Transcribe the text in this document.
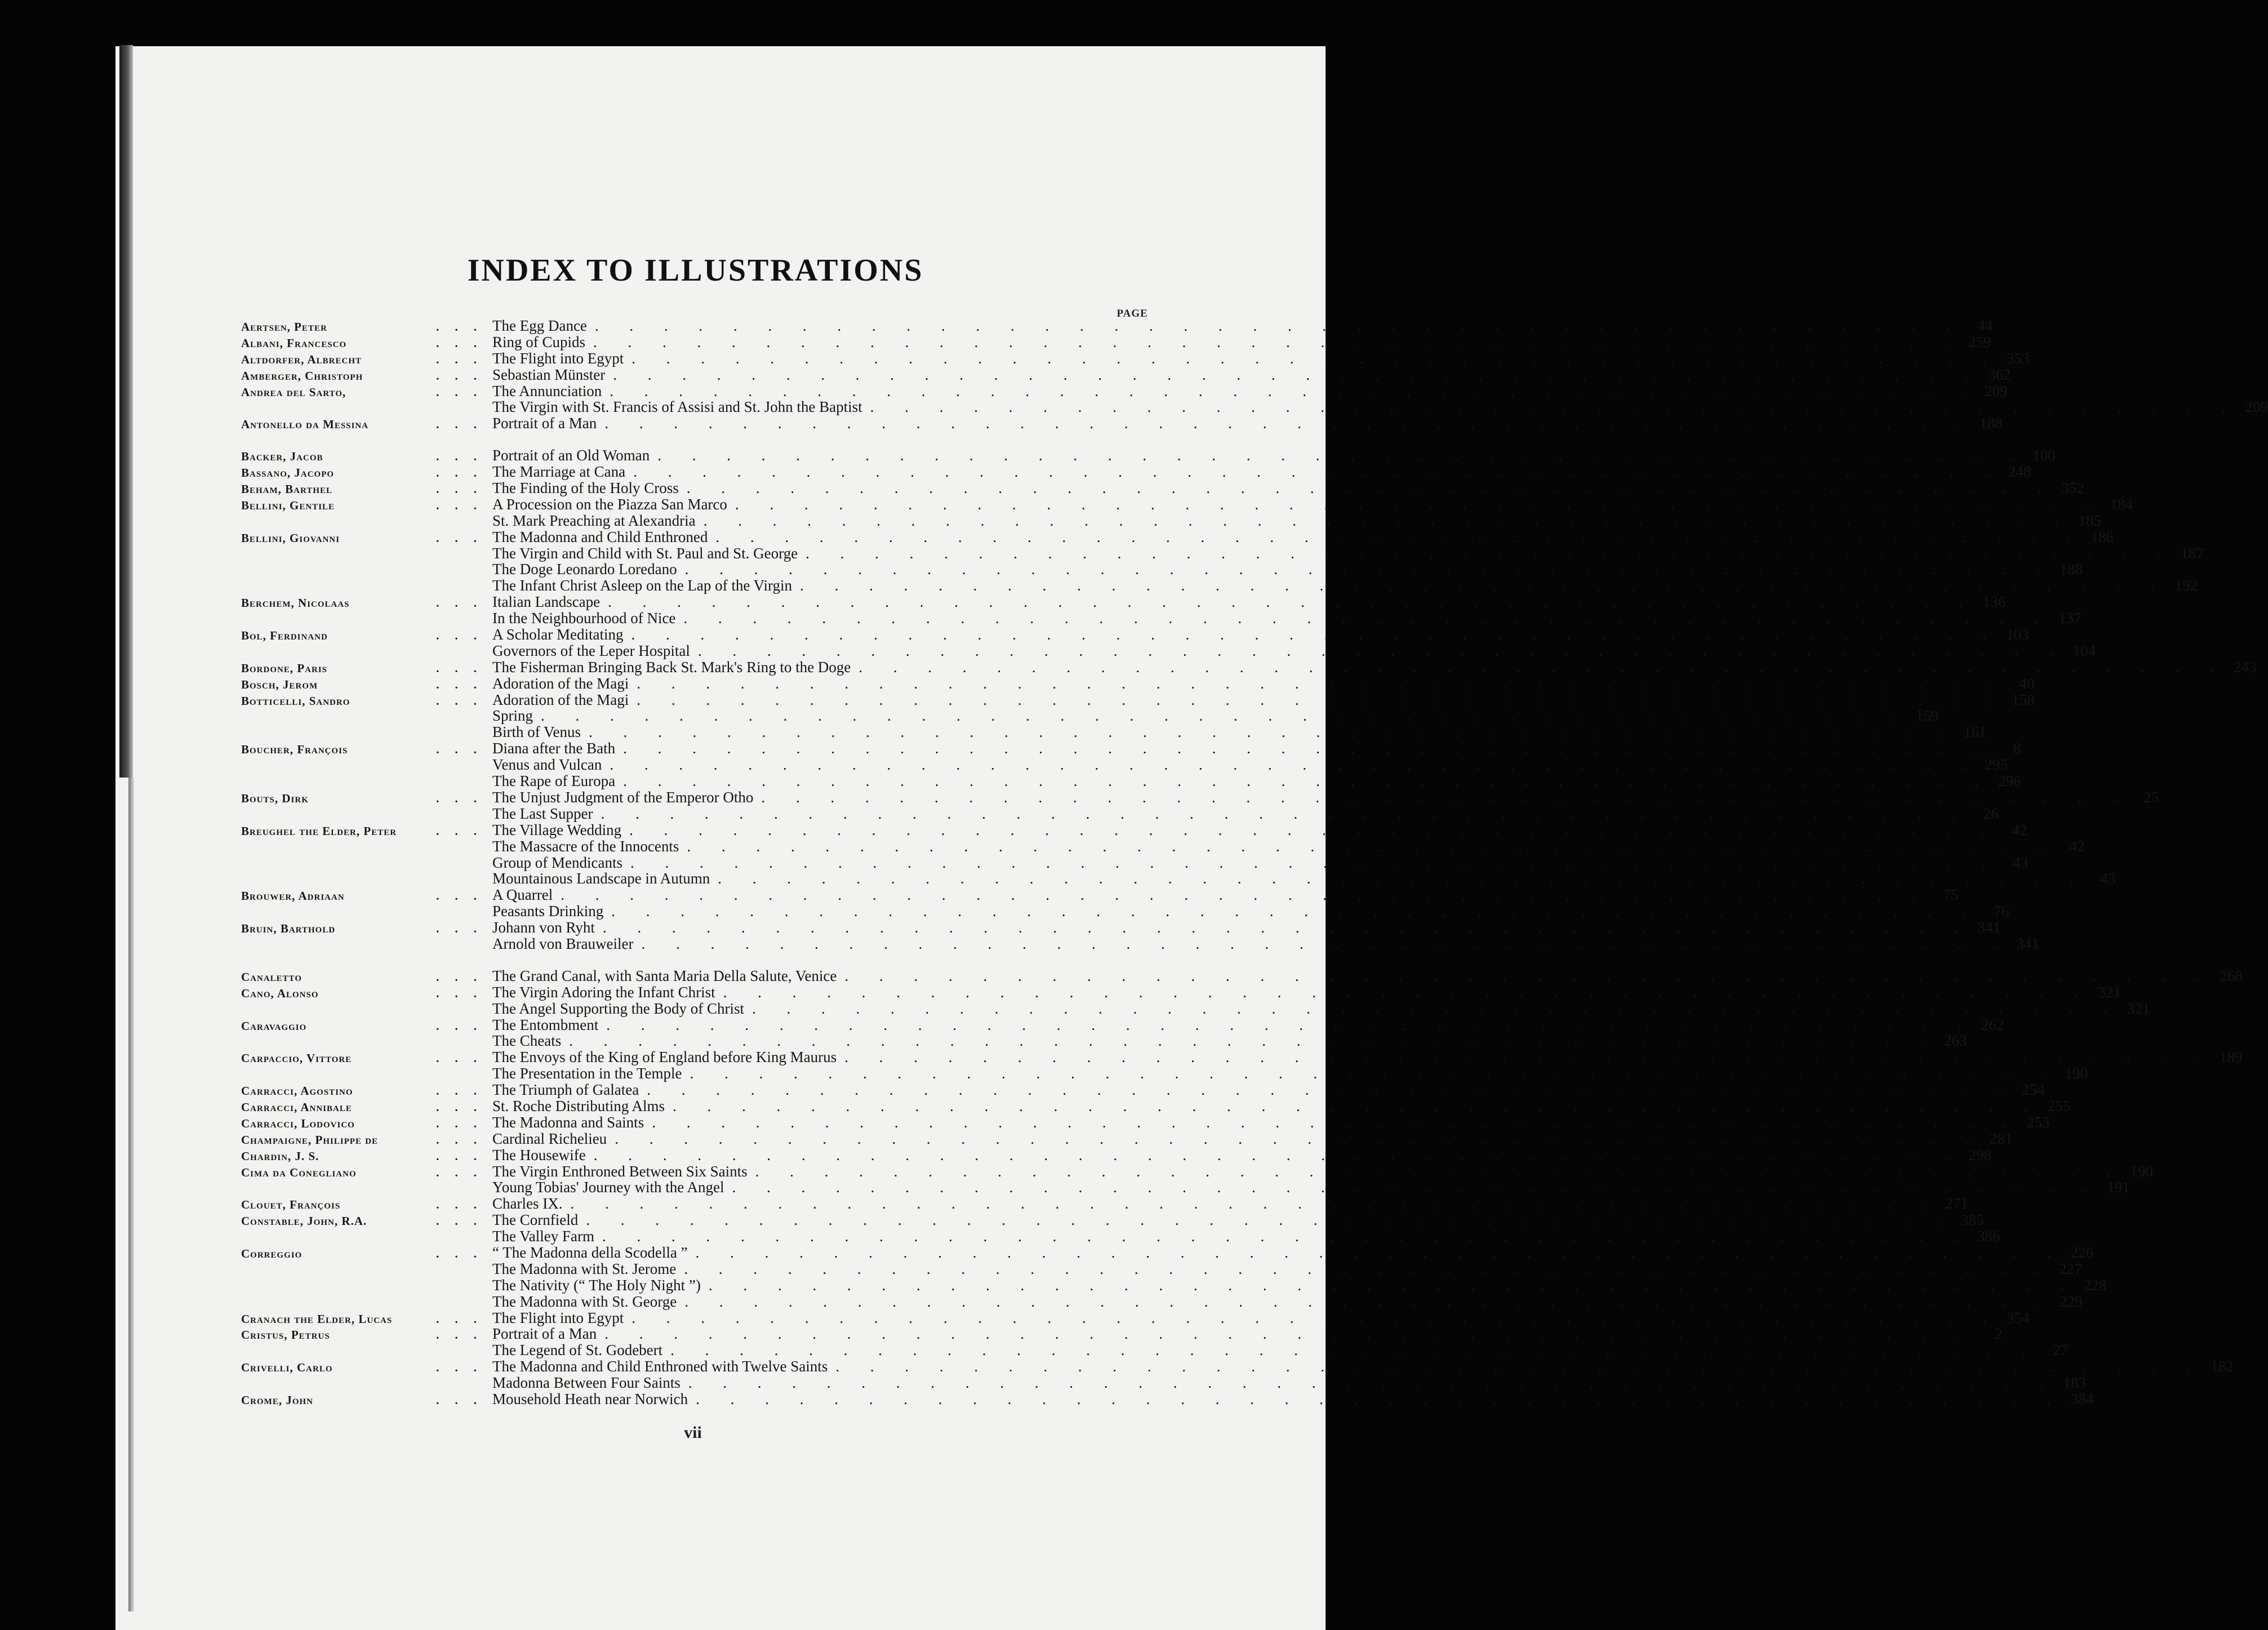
INDEX TO ILLUSTRATIONS
PAGE
Aertsen, Peter	... The Egg Dance . . . . . . . . . . . . . . . . . . . . . . . . . . . . . . . . . . . . . . . . 44
Albani, Francesco	... Ring of Cupids . . . . . . . . . . . . . . . . . . . . . . . . . . . . . . . . . . . . . . . . 259
Altdorfer, Albrecht	... The Flight into Egypt . . . . . . . . . . . . . . . . . . . . . . . . . . . . . . . . . . . . . . . . 353
Amberger, Christoph	... Sebastian Münster . . . . . . . . . . . . . . . . . . . . . . . . . . . . . . . . . . . . . . . . 362
Andrea del Sarto,	... The Annunciation . . . . . . . . . . . . . . . . . . . . . . . . . . . . . . . . . . . . . . . . 209
The Virgin with St. Francis of Assisi and St. John the Baptist . . . . . . . . . . . . . . . . . . . . . . . . . . . . . . . . . . . . . . . . 209
Antonello da Messina	... Portrait of a Man . . . . . . . . . . . . . . . . . . . . . . . . . . . . . . . . . . . . . . . . 188
Backer, Jacob	... Portrait of an Old Woman . . . . . . . . . . . . . . . . . . . . . . . . . . . . . . . . . . . . . . . . 100
Bassano, Jacopo	... The Marriage at Cana . . . . . . . . . . . . . . . . . . . . . . . . . . . . . . . . . . . . . . . . 248
Beham, Barthel	... The Finding of the Holy Cross . . . . . . . . . . . . . . . . . . . . . . . . . . . . . . . . . . . . . . . . 352
Bellini, Gentile	... A Procession on the Piazza San Marco . . . . . . . . . . . . . . . . . . . . . . . . . . . . . . . . . . . . . . . . 184
St. Mark Preaching at Alexandria . . . . . . . . . . . . . . . . . . . . . . . . . . . . . . . . . . . . . . . . 185
Bellini, Giovanni	... The Madonna and Child Enthroned . . . . . . . . . . . . . . . . . . . . . . . . . . . . . . . . . . . . . . . . 186
The Virgin and Child with St. Paul and St. George . . . . . . . . . . . . . . . . . . . . . . . . . . . . . . . . . . . . . . . . 187
The Doge Leonardo Loredano . . . . . . . . . . . . . . . . . . . . . . . . . . . . . . . . . . . . . . . . 188
The Infant Christ Asleep on the Lap of the Virgin . . . . . . . . . . . . . . . . . . . . . . . . . . . . . . . . . . . . . . . . 192
Berchem, Nicolaas	... Italian Landscape . . . . . . . . . . . . . . . . . . . . . . . . . . . . . . . . . . . . . . . . 136
In the Neighbourhood of Nice . . . . . . . . . . . . . . . . . . . . . . . . . . . . . . . . . . . . . . . . 137
Bol, Ferdinand	... A Scholar Meditating . . . . . . . . . . . . . . . . . . . . . . . . . . . . . . . . . . . . . . . . 103
Governors of the Leper Hospital . . . . . . . . . . . . . . . . . . . . . . . . . . . . . . . . . . . . . . . . 104
Bordone, Paris	... The Fisherman Bringing Back St. Mark's Ring to the Doge . . . . . . . . . . . . . . . . . . . . . . . . . . . . . . . . . . . . . . . . 243
Bosch, Jerom	... Adoration of the Magi . . . . . . . . . . . . . . . . . . . . . . . . . . . . . . . . . . . . . . . . 40
Botticelli, Sandro	... Adoration of the Magi . . . . . . . . . . . . . . . . . . . . . . . . . . . . . . . . . . . . . . . . 158
Spring . . . . . . . . . . . . . . . . . . . . . . . . . . . . . . . . . . . . . . . . 159
Birth of Venus . . . . . . . . . . . . . . . . . . . . . . . . . . . . . . . . . . . . . . . . 161
Boucher, François	... Diana after the Bath . . . . . . . . . . . . . . . . . . . . . . . . . . . . . . . . . . . . . . . .	8
Venus and Vulcan . . . . . . . . . . . . . . . . . . . . . . . . . . . . . . . . . . . . . . . . 295
The Rape of Europa . . . . . . . . . . . . . . . . . . . . . . . . . . . . . . . . . . . . . . . . 296
Bouts, Dirk	... The Unjust Judgment of the Emperor Otho . . . . . . . . . . . . . . . . . . . . . . . . . . . . . . . . . . . . . . . . 25
The Last Supper . . . . . . . . . . . . . . . . . . . . . . . . . . . . . . . . . . . . . . . . 26
Breughel the Elder, Peter	... The Village Wedding . . . . . . . . . . . . . . . . . . . . . . . . . . . . . . . . . . . . . . . . 42
The Massacre of the Innocents . . . . . . . . . . . . . . . . . . . . . . . . . . . . . . . . . . . . . . . . 42
Group of Mendicants . . . . . . . . . . . . . . . . . . . . . . . . . . . . . . . . . . . . . . . . 43
Mountainous Landscape in Autumn . . . . . . . . . . . . . . . . . . . . . . . . . . . . . . . . . . . . . . . . 43
Brouwer, Adriaan	... A Quarrel . . . . . . . . . . . . . . . . . . . . . . . . . . . . . . . . . . . . . . . . 75
Peasants Drinking . . . . . . . . . . . . . . . . . . . . . . . . . . . . . . . . . . . . . . . . 76
Bruin, Barthold	... Johann von Ryht . . . . . . . . . . . . . . . . . . . . . . . . . . . . . . . . . . . . . . . . 341
Arnold von Brauweiler . . . . . . . . . . . . . . . . . . . . . . . . . . . . . . . . . . . . . . . . 341
Canaletto	... The Grand Canal, with Santa Maria Della Salute, Venice . . . . . . . . . . . . . . . . . . . . . . . . . . . . . . . . . . . . . . . . 268
Cano, Alonso	... The Virgin Adoring the Infant Christ . . . . . . . . . . . . . . . . . . . . . . . . . . . . . . . . . . . . . . . . 321
The Angel Supporting the Body of Christ . . . . . . . . . . . . . . . . . . . . . . . . . . . . . . . . . . . . . . . . 321
Caravaggio	... The Entombment . . . . . . . . . . . . . . . . . . . . . . . . . . . . . . . . . . . . . . . . 262
The Cheats . . . . . . . . . . . . . . . . . . . . . . . . . . . . . . . . . . . . . . . . 263
Carpaccio, Vittore	... The Envoys of the King of England before King Maurus . . . . . . . . . . . . . . . . . . . . . . . . . . . . . . . . . . . . . . . . 189
The Presentation in the Temple . . . . . . . . . . . . . . . . . . . . . . . . . . . . . . . . . . . . . . . . 190
Carracci, Agostino	... The Triumph of Galatea . . . . . . . . . . . . . . . . . . . . . . . . . . . . . . . . . . . . . . . . 254
Carracci, Annibale	... St. Roche Distributing Alms . . . . . . . . . . . . . . . . . . . . . . . . . . . . . . . . . . . . . . . . 255
Carracci, Lodovico	... The Madonna and Saints . . . . . . . . . . . . . . . . . . . . . . . . . . . . . . . . . . . . . . . . 253
Champaigne, Philippe de	... Cardinal Richelieu . . . . . . . . . . . . . . . . . . . . . . . . . . . . . . . . . . . . . . . . 281
Chardin, J. S.	... The Housewife . . . . . . . . . . . . . . . . . . . . . . . . . . . . . . . . . . . . . . . . 298
Cima da Conegliano	... The Virgin Enthroned Between Six Saints . . . . . . . . . . . . . . . . . . . . . . . . . . . . . . . . . . . . . . . . 190
Young Tobias' Journey with the Angel . . . . . . . . . . . . . . . . . . . . . . . . . . . . . . . . . . . . . . . . 191
Clouet, François	... Charles IX. . . . . . . . . . . . . . . . . . . . . . . . . . . . . . . . . . . . . . . . . 271
Constable, John, R.A.	... The Cornfield . . . . . . . . . . . . . . . . . . . . . . . . . . . . . . . . . . . . . . . . 385
The Valley Farm . . . . . . . . . . . . . . . . . . . . . . . . . . . . . . . . . . . . . . . . 386
Correggio	... “ The Madonna della Scodella ” . . . . . . . . . . . . . . . . . . . . . . . . . . . . . . . . . . . . . . . . 226
The Madonna with St. Jerome . . . . . . . . . . . . . . . . . . . . . . . . . . . . . . . . . . . . . . . . 227
The Nativity (“ The Holy Night ”) . . . . . . . . . . . . . . . . . . . . . . . . . . . . . . . . . . . . . . . . 228
The Madonna with St. George . . . . . . . . . . . . . . . . . . . . . . . . . . . . . . . . . . . . . . . . 229
Cranach the Elder, Lucas	... The Flight into Egypt . . . . . . . . . . . . . . . . . . . . . . . . . . . . . . . . . . . . . . . . 354
Cristus, Petrus	... Portrait of a Man . . . . . . . . . . . . . . . . . . . . . . . . . . . . . . . . . . . . . . . .	2
The Legend of St. Godebert . . . . . . . . . . . . . . . . . . . . . . . . . . . . . . . . . . . . . . . . 27
Crivelli, Carlo	... The Madonna and Child Enthroned with Twelve Saints . . . . . . . . . . . . . . . . . . . . . . . . . . . . . . . . . . . . . . . . 182
Madonna Between Four Saints . . . . . . . . . . . . . . . . . . . . . . . . . . . . . . . . . . . . . . . . 183
Crome, John	... Mousehold Heath near Norwich . . . . . . . . . . . . . . . . . . . . . . . . . . . . . . . . . . . . . . . . 384
vii
